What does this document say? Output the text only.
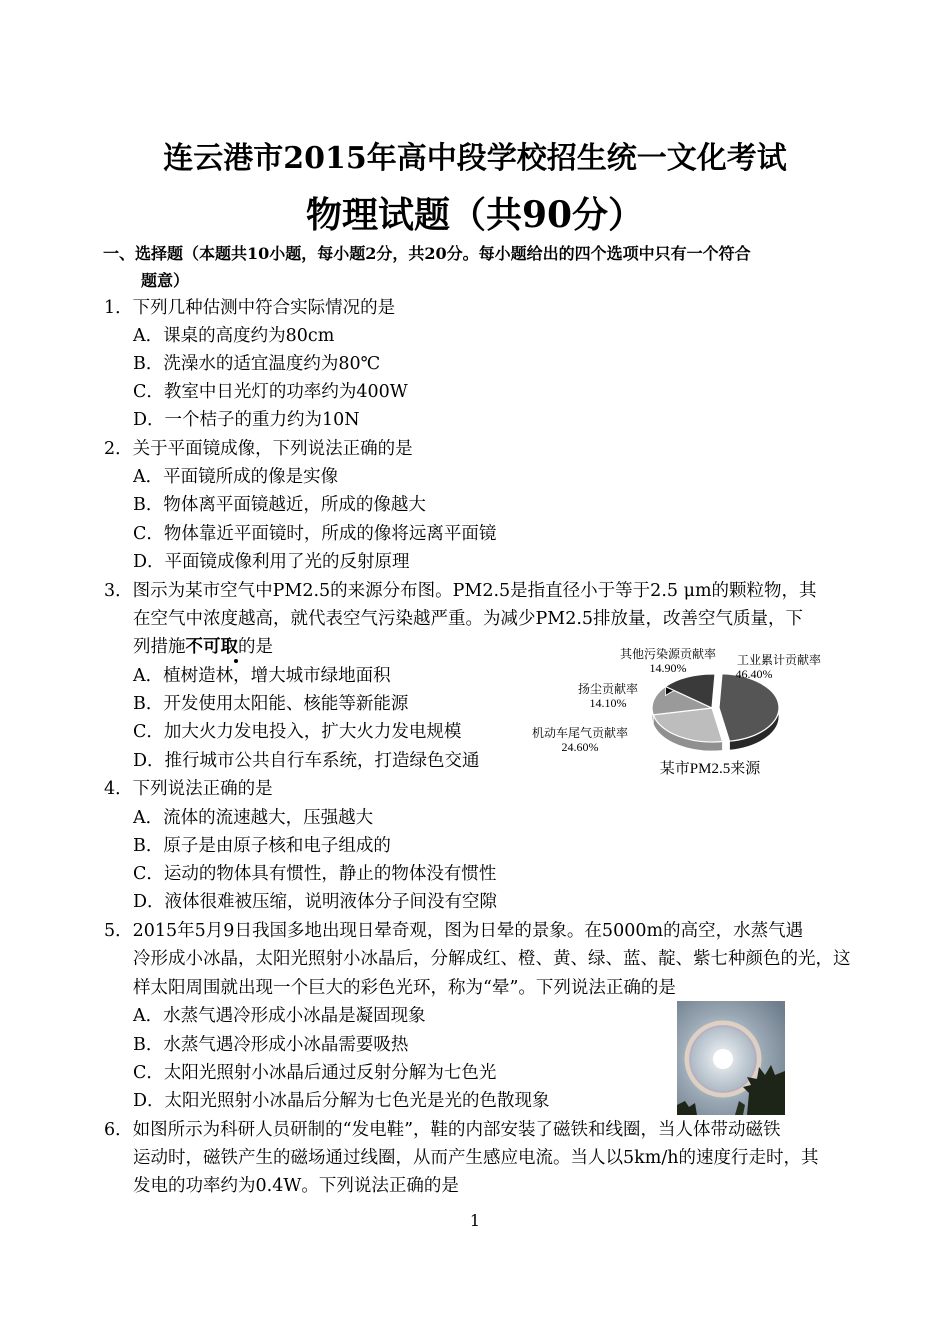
连云港市2015年高中段学校招生统一文化考试
物理试题（共90分）
一、选择题（本题共10小题，每小题2分，共20分。每小题给出的四个选项中只有一个符合
题意）
1．下列几种估测中符合实际情况的是
A．课桌的高度约为80cm
B．洗澡水的适宜温度约为80℃
C．教室中日光灯的功率约为400W
D．一个桔子的重力约为10N
2．关于平面镜成像，下列说法正确的是
A．平面镜所成的像是实像
B．物体离平面镜越近，所成的像越大
C．物体靠近平面镜时，所成的像将远离平面镜
D．平面镜成像利用了光的反射原理
3．图示为某市空气中PM2.5的来源分布图。PM2.5是指直径小于等于2.5 μm的颗粒物，其
在空气中浓度越高，就代表空气污染越严重。为减少PM2.5排放量，改善空气质量，下
列措施不可取的是
A．植树造林，增大城市绿地面积
B．开发使用太阳能、核能等新能源
C．加大火力发电投入，扩大火力发电规模
D．推行城市公共自行车系统，打造绿色交通
其他污染源贡献率
14.90%
工业累计贡献率
46.40%
扬尘贡献率
14.10%
机动车尾气贡献率
24.60%
某市PM2.5来源
4．下列说法正确的是
A．流体的流速越大，压强越大
B．原子是由原子核和电子组成的
C．运动的物体具有惯性，静止的物体没有惯性
D．液体很难被压缩，说明液体分子间没有空隙
5．2015年5月9日我国多地出现日晕奇观，图为日晕的景象。在5000m的高空，水蒸气遇
冷形成小冰晶，太阳光照射小冰晶后，分解成红、橙、黄、绿、蓝、靛、紫七种颜色的光，这
样太阳周围就出现一个巨大的彩色光环，称为“晕”。下列说法正确的是
A．水蒸气遇冷形成小冰晶是凝固现象
B．水蒸气遇冷形成小冰晶需要吸热
C．太阳光照射小冰晶后通过反射分解为七色光
D．太阳光照射小冰晶后分解为七色光是光的色散现象
6．如图所示为科研人员研制的“发电鞋”，鞋的内部安装了磁铁和线圈，当人体带动磁铁
运动时，磁铁产生的磁场通过线圈，从而产生感应电流。当人以5km/h的速度行走时，其
发电的功率约为0.4W。下列说法正确的是
1
